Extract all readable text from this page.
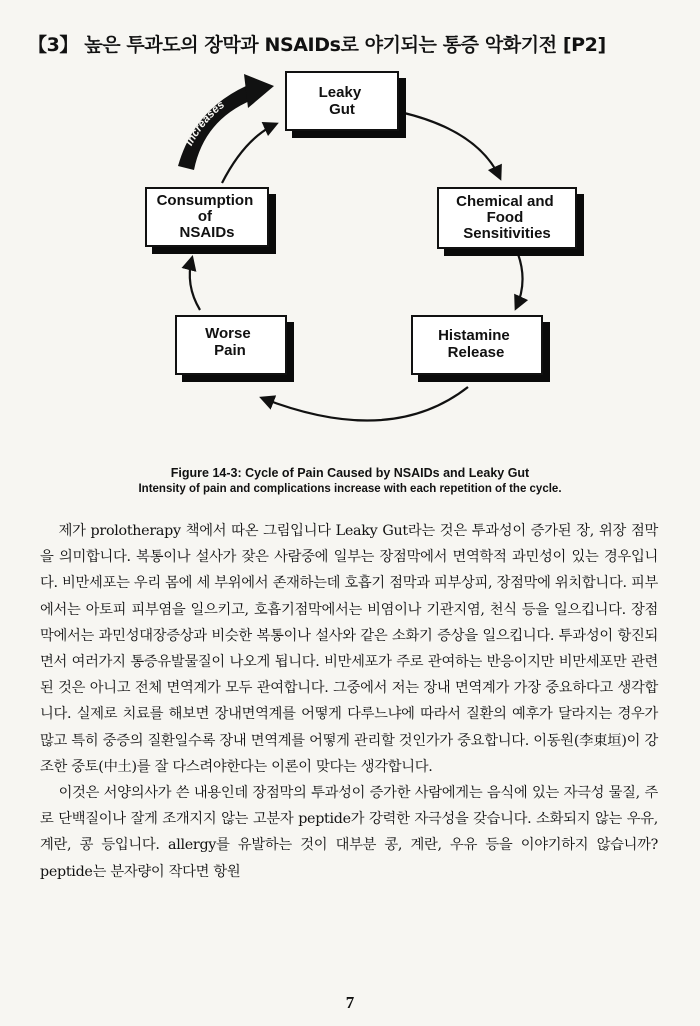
【3】 높은 투과도의 장막과 NSAIDs로 야기되는 통증 악화기전 [P2]
Increases
Leaky Gut
Chemical and Food Sensitivities
Histamine Release
Worse Pain
Consumption of NSAIDs
Figure 14-3: Cycle of Pain Caused by NSAIDs and Leaky Gut
Intensity of pain and complications increase with each repetition of the cycle.

제가 prolotherapy 책에서 따온 그림입니다 Leaky Gut라는 것은 투과성이 증가된 장, 위장 점막을 의미합니다. 복통이나 설사가 잦은 사람중에 일부는 장점막에서 면역학적 과민성이 있는 경우입니다. 비만세포는 우리 몸에 세 부위에서 존재하는데 호흡기 점막과 피부상피, 장점막에 위치합니다. 피부에서는 아토피 피부염을 일으키고, 호흡기점막에서는 비염이나 기관지염, 천식 등을 일으킵니다. 장점막에서는 과민성대장증상과 비슷한 복통이나 설사와 같은 소화기 증상을 일으킵니다. 투과성이 항진되면서 여러가지 통증유발물질이 나오게 됩니다. 비만세포가 주로 관여하는 반응이지만 비만세포만 관련된 것은 아니고 전체 면역계가 모두 관여합니다. 그중에서 저는 장내 면역계가 가장 중요하다고 생각합니다. 실제로 치료를 해보면 장내면역계를 어떻게 다루느냐에 따라서 질환의 예후가 달라지는 경우가 많고 특히 중증의 질환일수록 장내 면역계를 어떻게 관리할 것인가가 중요합니다. 이동원(李東垣)이 강조한 중토(中土)를 잘 다스려야한다는 이론이 맞다는 생각합니다.

이것은 서양의사가 쓴 내용인데 장점막의 투과성이 증가한 사람에게는 음식에 있는 자극성 물질, 주로 단백질이나 잘게 조개지지 않는 고분자 peptide가 강력한 자극성을 갖습니다. 소화되지 않는 우유, 계란, 콩 등입니다. allergy를 유발하는 것이 대부분 콩, 계란, 우유 등을 이야기하지 않습니까? peptide는 분자량이 작다면 항원

7
